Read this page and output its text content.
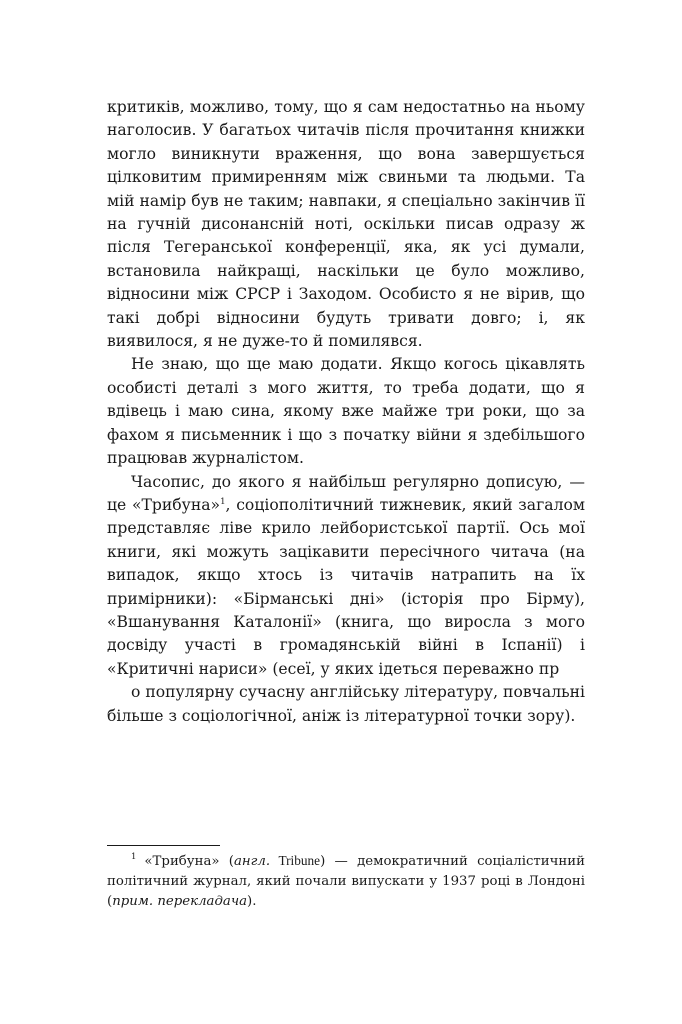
критиків, можливо, тому, що я сам недостатньо на ньому наголосив. У багатьох читачів після прочитання книжки могло виникнути враження, що вона завершується цілковитим примиренням між свиньми та людьми. Та мій намір був не таким; навпаки, я спеціально закінчив її на гучній дисонансній ноті, оскільки писав одразу ж після Тегеранської конференції, яка, як усі думали, встановила найкращі, наскільки це було можливо, відносини між СРСР і Заходом. Особисто я не вірив, що такі добрі відносини будуть тривати довго; і, як виявилося, я не дуже-то й помилявся.

Не знаю, що ще маю додати. Якщо когось цікавлять особисті деталі з мого життя, то треба додати, що я вдівець і маю сина, якому вже майже три роки, що за фахом я письменник і що з початку війни я здебільшого працював журналістом.

Часопис, до якого я найбільш регулярно дописую, — це «Трибуна»$^1$, соціополітичний тижневик, який загалом представляє ліве крило лейбористської партії. Ось мої книги, які можуть зацікавити пересічного читача (на випадок, якщо хтось із читачів натрапить на їх примірники): «Бірманські дні» (історія про Бірму), «Вшанування Каталонії» (книга, що виросла з мого досвіду участі в громадянській війні в Іспанії) і «Критичні нариси» (есеї, у яких ідеться переважно пр

о популярну сучасну англійську літературу, повчальні більше з соціологічної, аніж із літературної точки зору).

$^1$ «Трибуна» (англ. Tribune) — демократичний соціалістичний політичний журнал, який почали випускати у 1937 році в Лондоні (прим. перекладача).
